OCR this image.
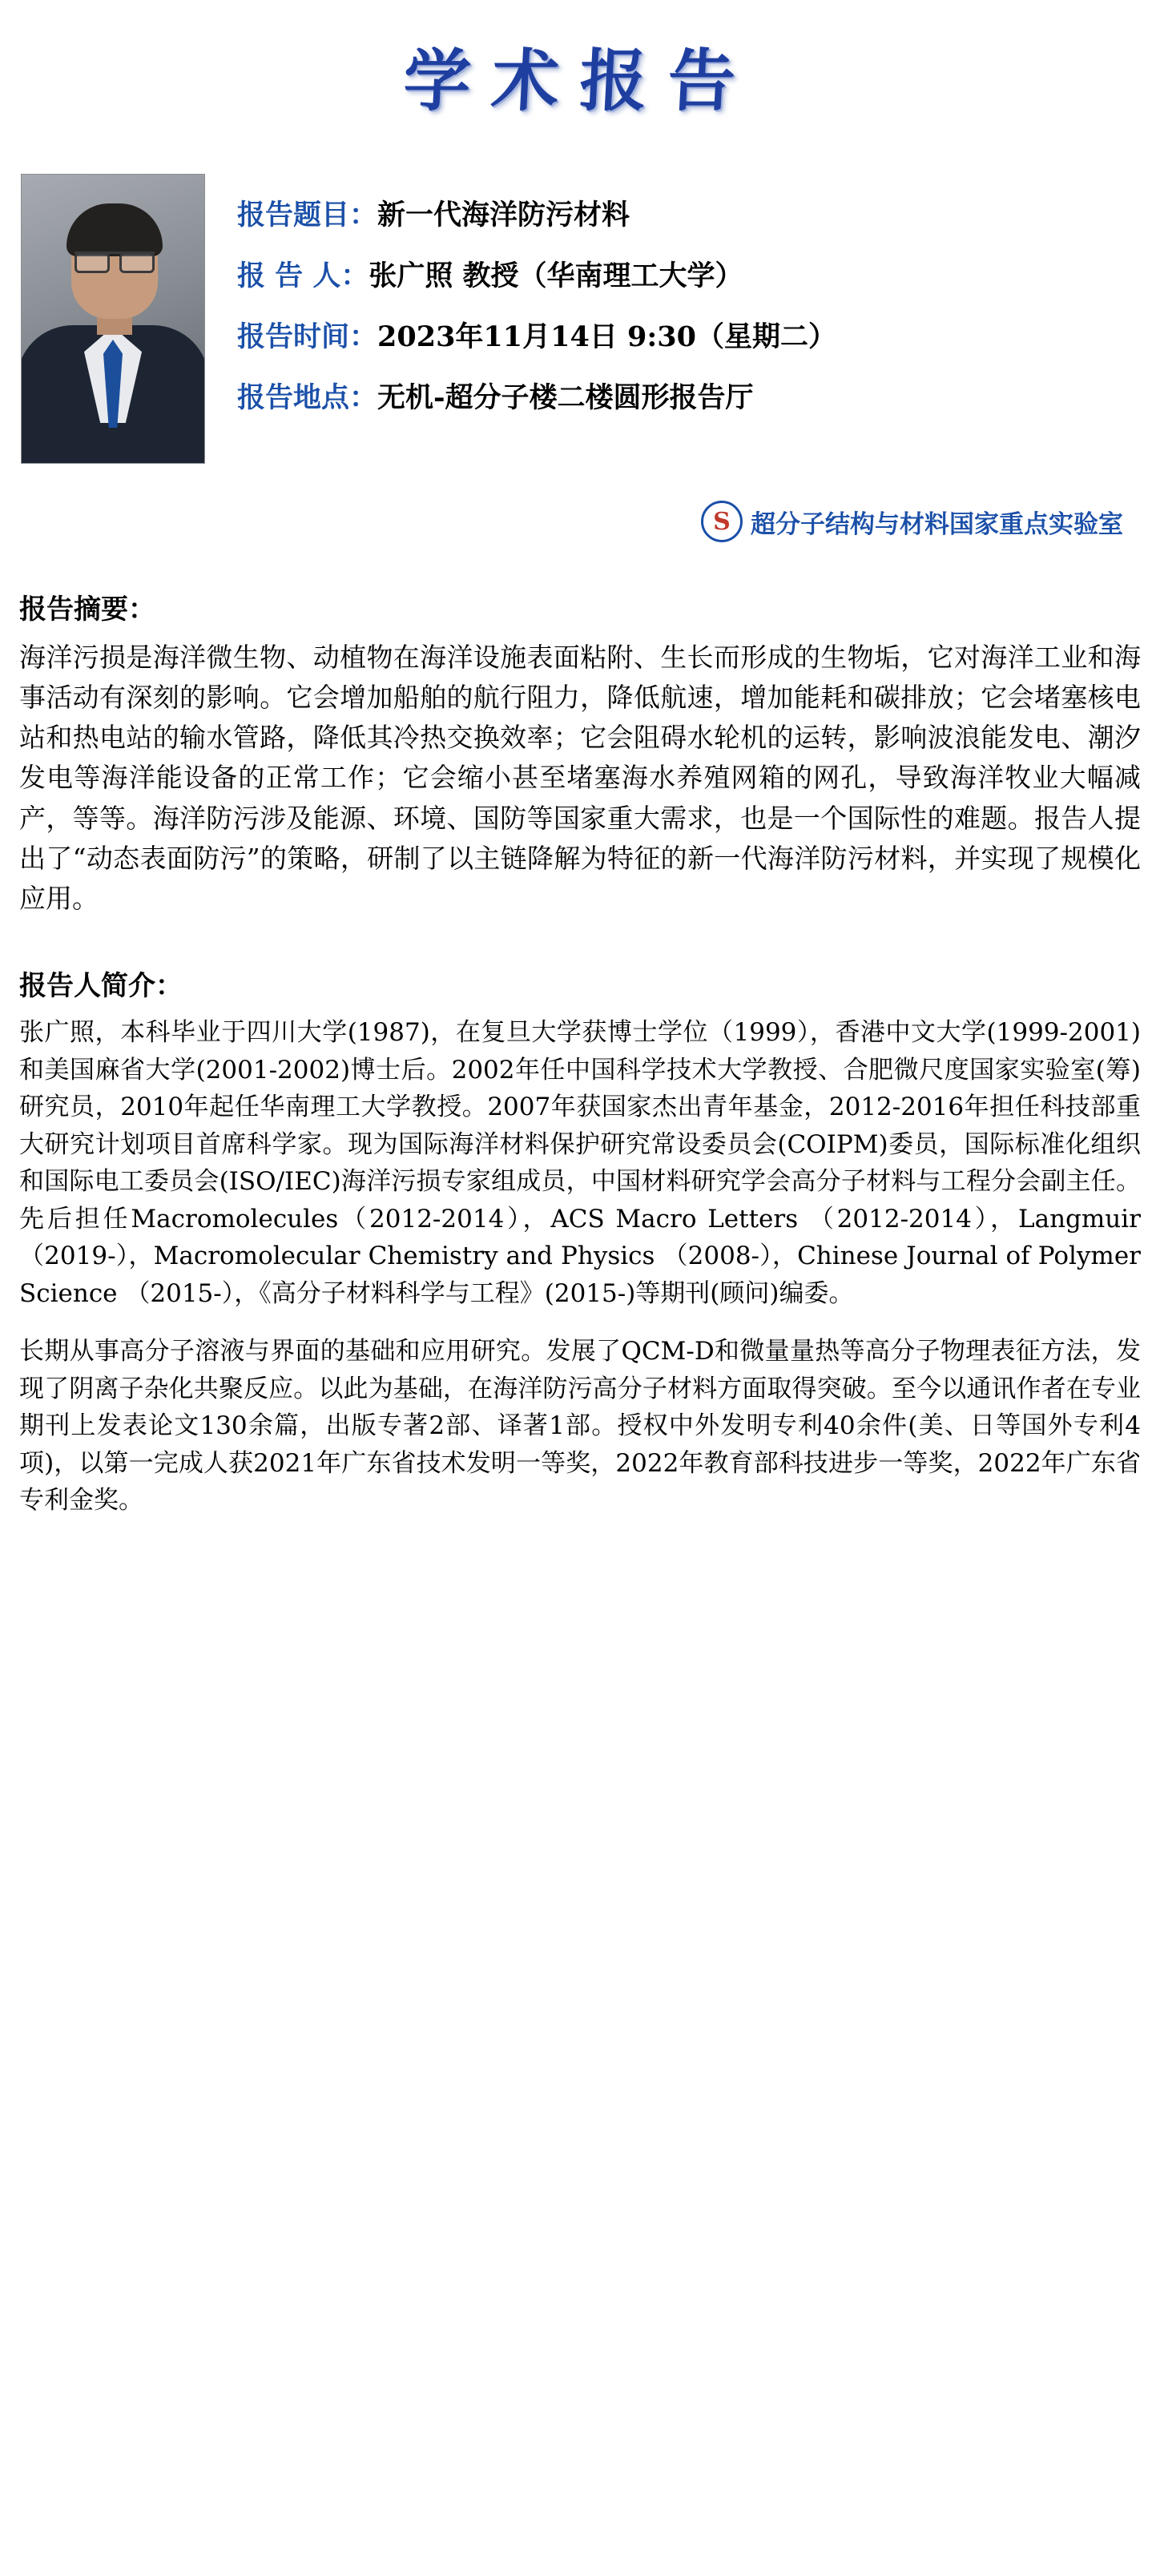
学术报告
报告题目： 新一代海洋防污材料
报 告 人： 张广照 教授（华南理工大学）
报告时间： 2023年11月14日 9:30（星期二）
报告地点： 无机-超分子楼二楼圆形报告厅
S 超分子结构与材料国家重点实验室
报告摘要：

海洋污损是海洋微生物、动植物在海洋设施表面粘附、生长而形成的生物垢，它对海洋工业和海事活动有深刻的影响。它会增加船舶的航行阻力，降低航速，增加能耗和碳排放；它会堵塞核电站和热电站的输水管路，降低其冷热交换效率；它会阻碍水轮机的运转，影响波浪能发电、潮汐发电等海洋能设备的正常工作；它会缩小甚至堵塞海水养殖网箱的网孔，导致海洋牧业大幅减产，等等。海洋防污涉及能源、环境、国防等国家重大需求，也是一个国际性的难题。报告人提出了“动态表面防污”的策略，研制了以主链降解为特征的新一代海洋防污材料，并实现了规模化应用。

报告人简介：

张广照，本科毕业于四川大学(1987)，在复旦大学获博士学位（1999），香港中文大学(1999-2001)和美国麻省大学(2001-2002)博士后。2002年任中国科学技术大学教授、合肥微尺度国家实验室(筹)研究员，2010年起任华南理工大学教授。2007年获国家杰出青年基金，2012-2016年担任科技部重大研究计划项目首席科学家。现为国际海洋材料保护研究常设委员会(COIPM)委员，国际标准化组织和国际电工委员会(ISO/IEC)海洋污损专家组成员，中国材料研究学会高分子材料与工程分会副主任。先后担任Macromolecules（2012-2014），ACS Macro Letters （2012-2014），Langmuir （2019-），Macromolecular Chemistry and Physics （2008-），Chinese Journal of Polymer Science （2015-），《高分子材料科学与工程》(2015-)等期刊(顾问)编委。

长期从事高分子溶液与界面的基础和应用研究。发展了QCM-D和微量量热等高分子物理表征方法，发现了阴离子杂化共聚反应。以此为基础，在海洋防污高分子材料方面取得突破。至今以通讯作者在专业期刊上发表论文130余篇，出版专著2部、译著1部。授权中外发明专利40余件(美、日等国外专利4项)，以第一完成人获2021年广东省技术发明一等奖，2022年教育部科技进步一等奖，2022年广东省专利金奖。
